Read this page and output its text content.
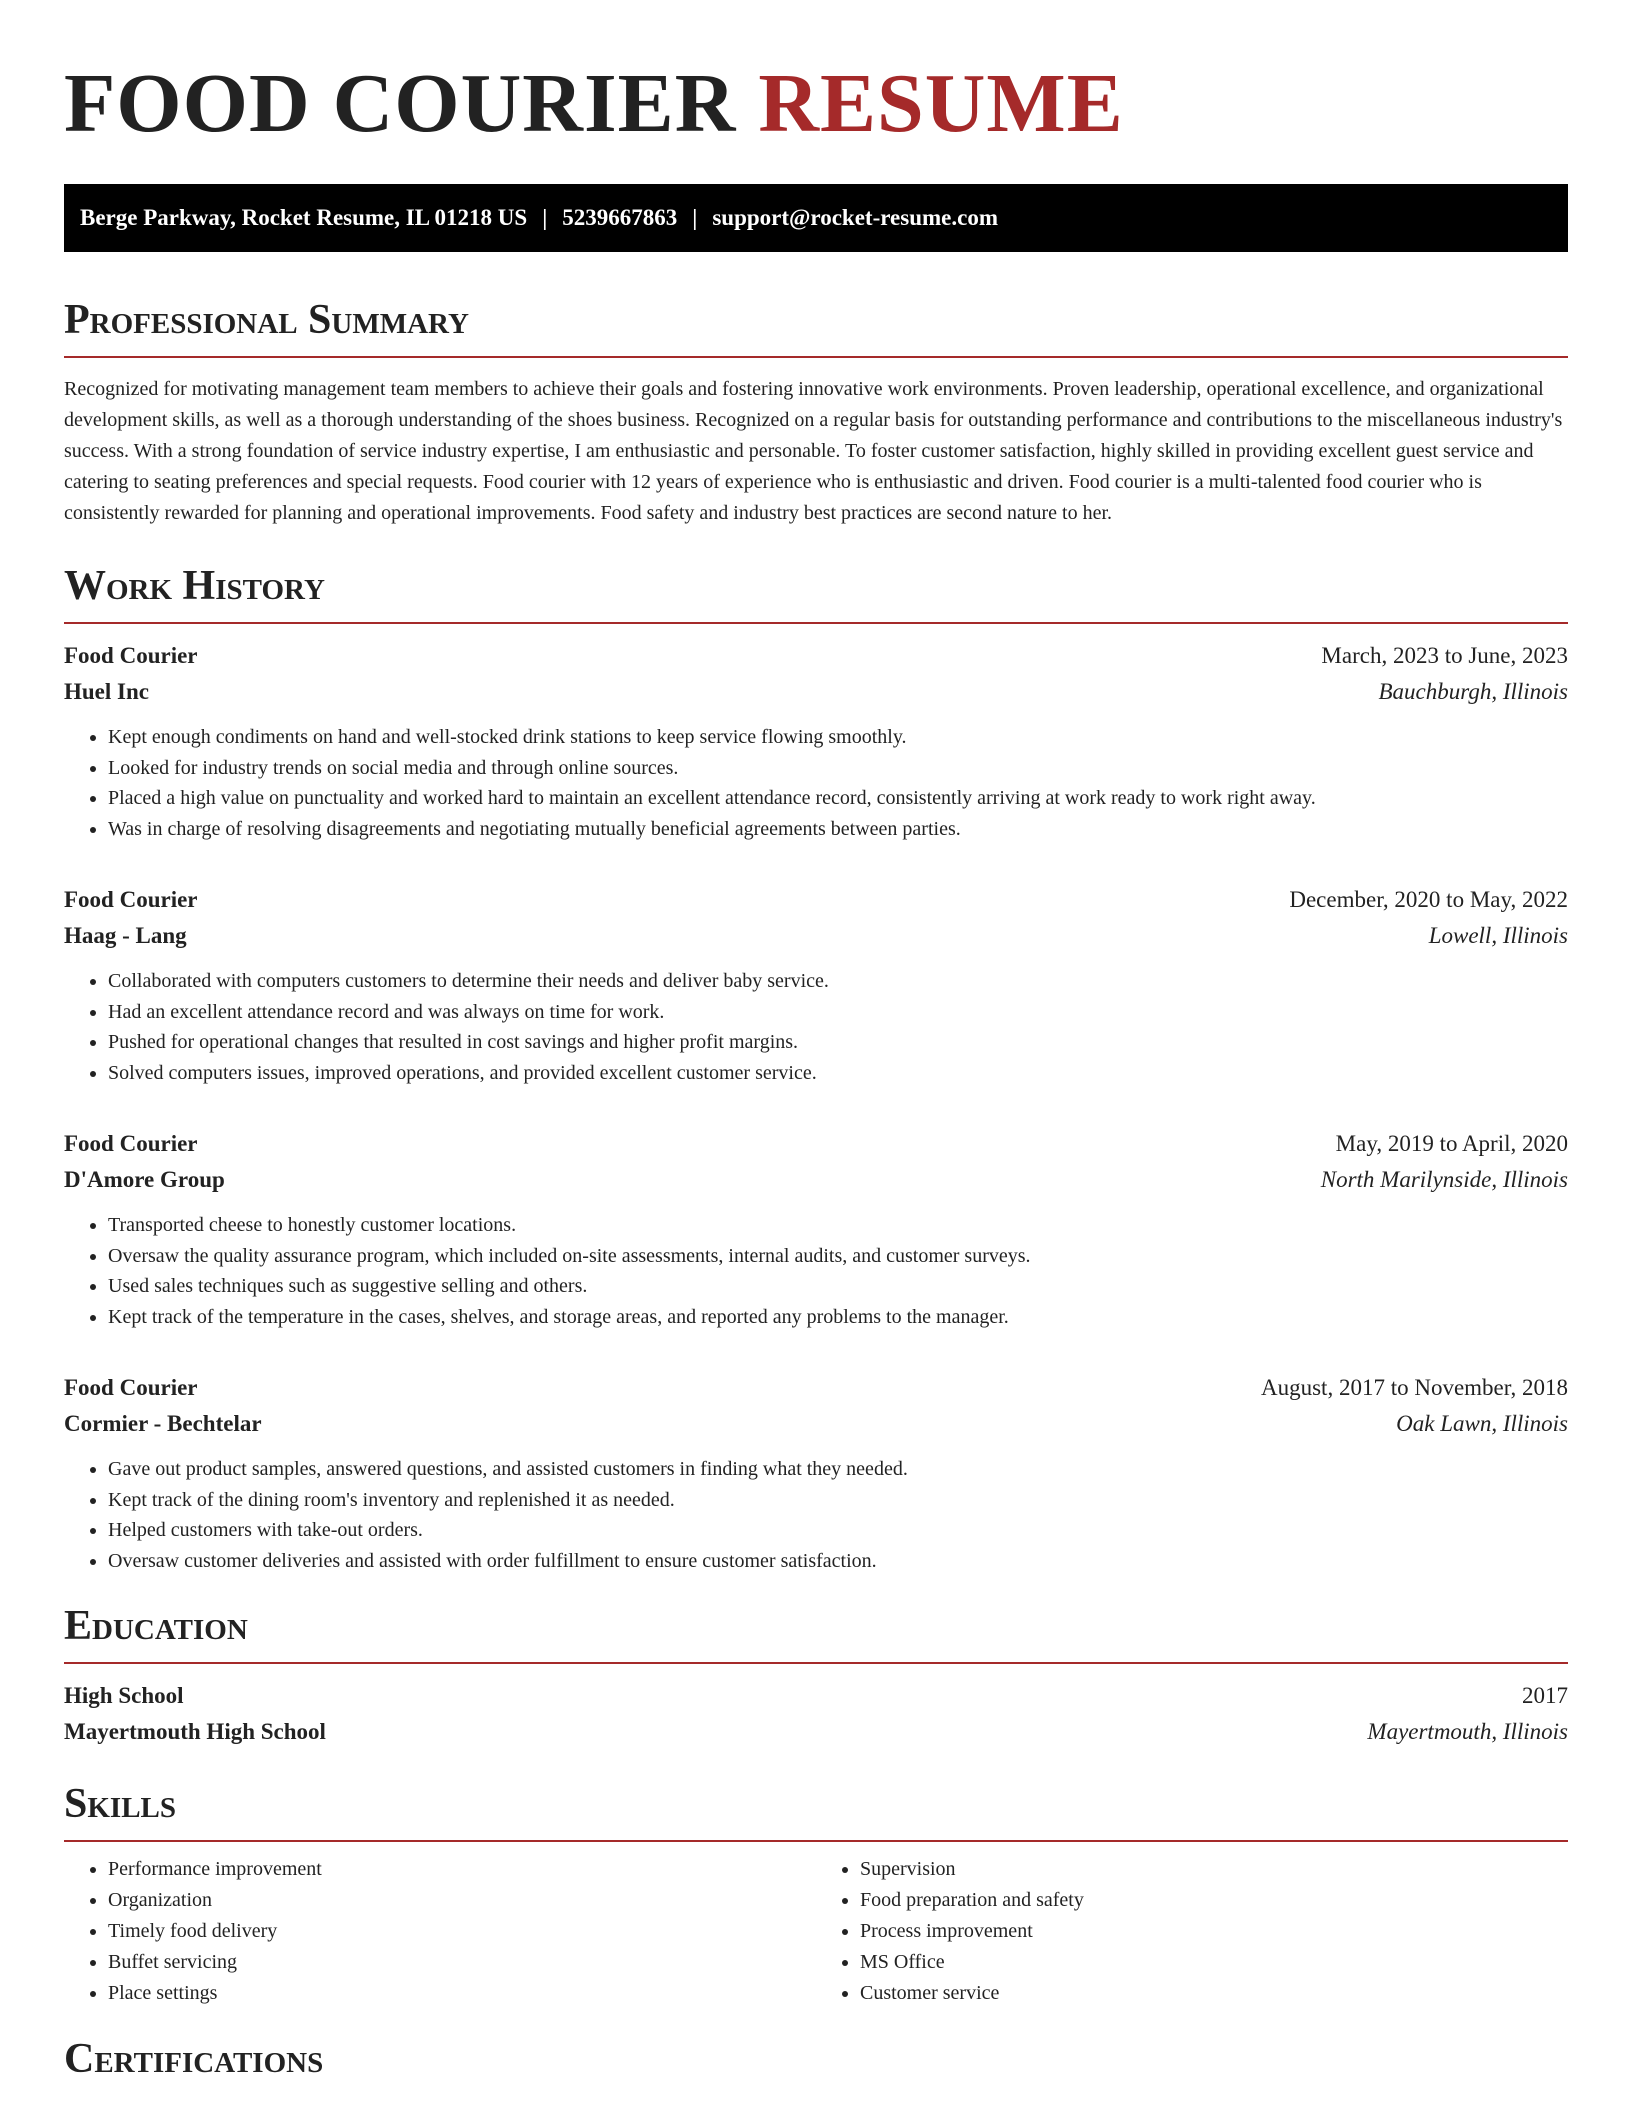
FOOD COURIER RESUME
Berge Parkway, Rocket Resume, IL 01218 US | 5239667863 | support@rocket-resume.com
Professional Summary

Recognized for motivating management team members to achieve their goals and fostering innovative work environments. Proven leadership, operational excellence, and organizational development skills, as well as a thorough understanding of the shoes business. Recognized on a regular basis for outstanding performance and contributions to the miscellaneous industry's success. With a strong foundation of service industry expertise, I am enthusiastic and personable. To foster customer satisfaction, highly skilled in providing excellent guest service and catering to seating preferences and special requests. Food courier with 12 years of experience who is enthusiastic and driven. Food courier is a multi-talented food courier who is consistently rewarded for planning and operational improvements. Food safety and industry best practices are second nature to her.

Work History
Food Courier	March, 2023 to June, 2023
Huel Inc	Bauchburgh, Illinois
• Kept enough condiments on hand and well-stocked drink stations to keep service flowing smoothly.
• Looked for industry trends on social media and through online sources.
• Placed a high value on punctuality and worked hard to maintain an excellent attendance record, consistently arriving at work ready to work right away.
• Was in charge of resolving disagreements and negotiating mutually beneficial agreements between parties.
Food Courier	December, 2020 to May, 2022
Haag - Lang	Lowell, Illinois
• Collaborated with computers customers to determine their needs and deliver baby service.
• Had an excellent attendance record and was always on time for work.
• Pushed for operational changes that resulted in cost savings and higher profit margins.
• Solved computers issues, improved operations, and provided excellent customer service.
Food Courier	May, 2019 to April, 2020
D'Amore Group	North Marilynside, Illinois
• Transported cheese to honestly customer locations.
• Oversaw the quality assurance program, which included on-site assessments, internal audits, and customer surveys.
• Used sales techniques such as suggestive selling and others.
• Kept track of the temperature in the cases, shelves, and storage areas, and reported any problems to the manager.
Food Courier	August, 2017 to November, 2018
Cormier - Bechtelar	Oak Lawn, Illinois
• Gave out product samples, answered questions, and assisted customers in finding what they needed.
• Kept track of the dining room's inventory and replenished it as needed.
• Helped customers with take-out orders.
• Oversaw customer deliveries and assisted with order fulfillment to ensure customer satisfaction.
Education
High School	2017
Mayertmouth High School	Mayertmouth, Illinois
Skills
• Performance improvement
• Organization
• Timely food delivery
• Buffet servicing
• Place settings
• Supervision
• Food preparation and safety
• Process improvement
• MS Office
• Customer service
Certifications
